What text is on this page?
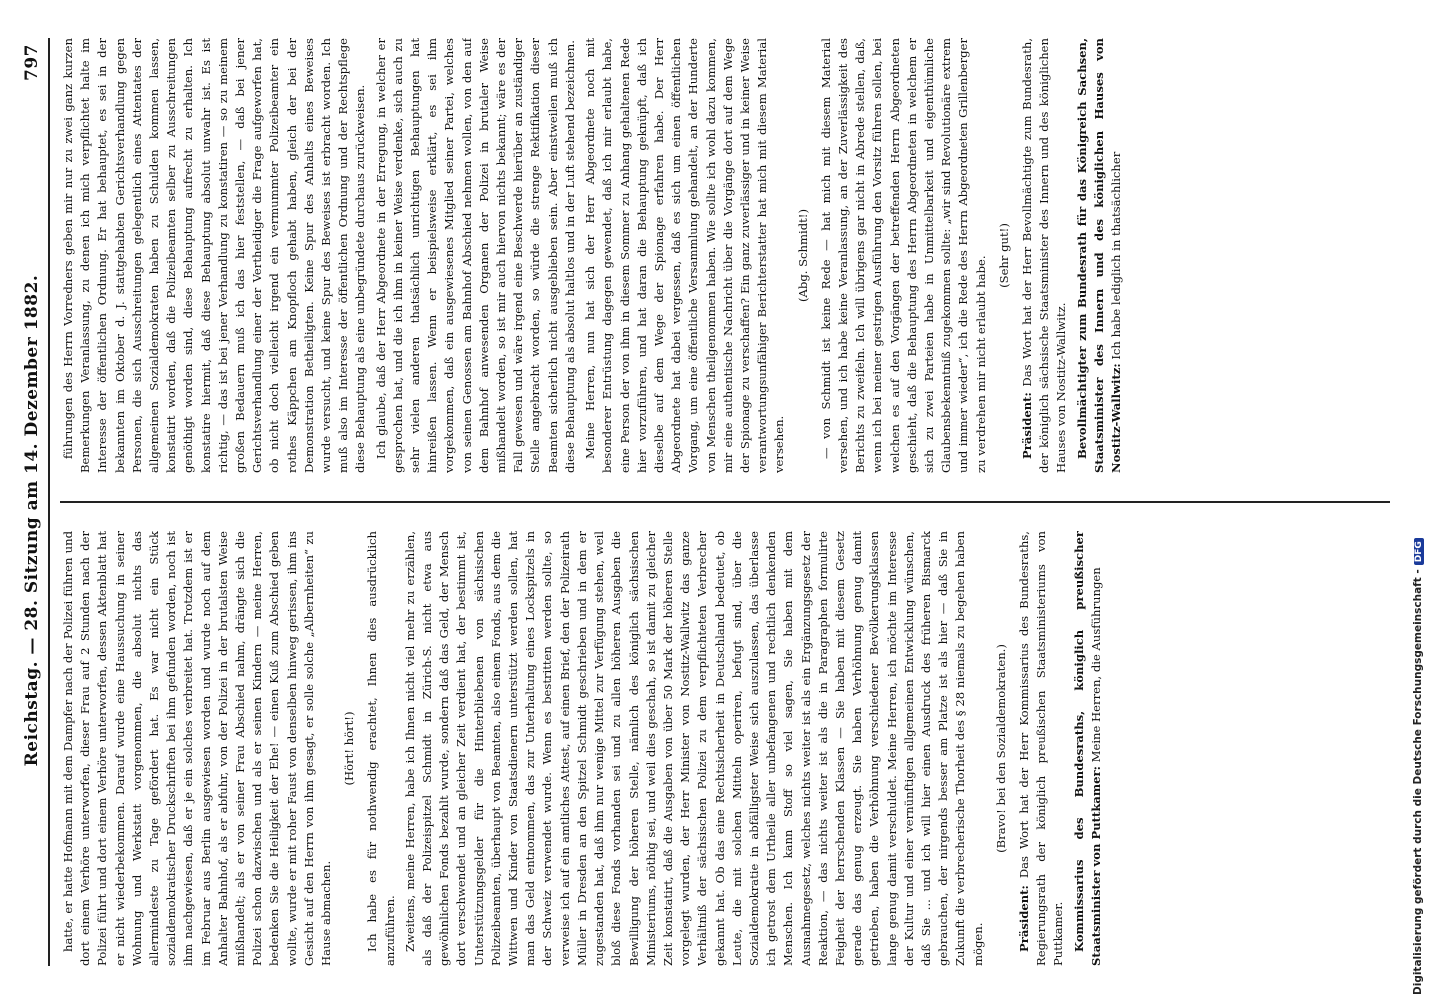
Reichstag. — 28. Sitzung am 14. Dezember 1882.
797

hatte, er hatte Hofmann mit dem Dampfer nach der Polizei führen und dort einem Verhöre unterworfen, dieser Frau auf 2 Stunden nach der Polizei führt und dort einem Verhöre unterworfen, dessen Aktenblatt hat er nicht wiederbekommen. Darauf wurde eine Haussuchung in seiner Wohnung und Werkstatt vorgenommen, die absolut nichts das allermindeste zu Tage gefördert hat. Es war nicht ein Stück sozialdemokratischer Druckschriften bei ihm gefunden worden, noch ist ihm nachgewiesen, daß er je ein solches verbreitet hat. Trotzdem ist er im Februar aus Berlin ausgewiesen worden und wurde noch auf dem Anhalter Bahnhof, als er abfuhr, von der Polizei in der brutalsten Weise mißhandelt; als er von seiner Frau Abschied nahm, drängte sich die Polizei schon dazwischen und als er seinen Kindern — meine Herren, bedenken Sie die Heiligkeit der Ehe! — einen Kuß zum Abschied geben wollte, wurde er mit roher Faust von denselben hinweg gerissen, ihm ins Gesicht auf den Herrn von ihm gesagt, er solle solche „Albernheiten“ zu Hause abmachen.

(Hört! hört!) Ich habe es für nothwendig erachtet, Ihnen dies ausdrücklich anzuführen. Zweitens, meine Herren, habe ich Ihnen nicht viel mehr zu erzählen, als daß der Polizeispitzel Schmidt in Zürich-S. nicht etwa aus gewöhnlichen Fonds bezahlt wurde, sondern daß das Geld, der Mensch dort verschwendet und an gleicher Zeit verdient hat, der bestimmt ist, Unterstützungsgelder für die Hinterbliebenen von sächsischen Polizeibeamten, überhaupt von Beamten, also einem Fonds, aus dem die Wittwen und Kinder von Staatsdienern unterstützt werden sollen, hat man das Geld entnommen, das zur Unterhaltung eines Lockspitzels in der Schweiz verwendet wurde. Wenn es bestritten werden sollte, so verweise ich auf ein amtliches Attest, auf einen Brief, den der Polizeirath Müller in Dresden an den Spitzel Schmidt geschrieben und in dem er zugestanden hat, daß ihm nur wenige Mittel zur Verfügung stehen, weil bloß diese Fonds vorhanden sei und zu allen höheren Ausgaben die Bewilligung der höheren Stelle, nämlich des königlich sächsischen Ministeriums, nöthig sei, und weil dies geschah, so ist damit zu gleicher Zeit konstatirt, daß die Ausgaben von über 50 Mark der höheren Stelle vorgelegt wurden, der Herr Minister von Nostitz-Wallwitz das ganze Verhältniß der sächsischen Polizei zu dem verpflichteten Verbrecher gekannt hat. Ob das eine Rechtsicherheit in Deutschland bedeutet, ob Leute, die mit solchen Mitteln operiren, befugt sind, über die Sozialdemokratie in abfälligster Weise sich auszulassen, das überlasse ich getrost dem Urtheile aller unbefangenen und rechtlich denkenden Menschen. Ich kann Stoff so viel sagen, Sie haben mit dem Ausnahmegesetz, welches nichts weiter ist als ein Ergänzungsgesetz der Reaktion, — das nichts weiter ist als die in Paragraphen formulirte Feigheit der herrschenden Klassen — Sie haben mit diesem Gesetz gerade das genug erzeugt. Sie haben Verhöhnung genug damit getrieben, haben die Verhöhnung verschiedener Bevölkerungsklassen lange genug damit verschuldet. Meine Herren, ich möchte im Interesse der Kultur und einer vernünftigen allgemeinen Entwicklung wünschen, daß Sie ... und ich will hier einen Ausdruck des früheren Bismarck gebrauchen, der nirgends besser am Platze ist als hier — daß Sie in Zukunft die verbrecherische Thorheit des § 28 niemals zu begehen haben mögen.

(Bravo! bei den Sozialdemokraten.)

Präsident: Das Wort hat der Herr Kommissarius des Bundesraths, Regierungsrath der königlich preußischen Staatsministeriums von Puttkamer. Kommissarius des Bundesraths, königlich preußischer Staatsminister von Puttkamer: Meine Herren, die Ausführungen

führungen des Herrn Vorredners geben mir nur zu zwei ganz kurzen Bemerkungen Veranlassung, zu denen ich mich verpflichtet halte im Interesse der öffentlichen Ordnung. Er hat behauptet, es sei in der bekannten im Oktober d. J. stattgehabten Gerichtsverhandlung gegen Personen, die sich Ausschreitungen gelegentlich eines Attentates der allgemeinen Sozialdemokraten haben zu Schulden kommen lassen, konstatirt worden, daß die Polizeibeamten selber zu Ausschreitungen genöthigt worden sind, diese Behauptung aufrecht zu erhalten. Ich konstatire hiermit, daß diese Behauptung absolut unwahr ist. Es ist richtig, — das ist bei jener Verhandlung zu konstatiren — so zu meinem großen Bedauern muß ich das hier feststellen, — daß bei jener Gerichtsverhandlung einer der Vertheidiger die Frage aufgeworfen hat, ob nicht doch vielleicht irgend ein vermummter Polizeibeamter ein rothes Käppchen am Knopfloch gehabt haben, gleich der bei der Demonstration Betheiligten. Keine Spur des Anhalts eines Beweises wurde versucht, und keine Spur des Beweises ist erbracht worden. Ich muß also im Interesse der öffentlichen Ordnung und der Rechtspflege diese Behauptung als eine unbegründete durchaus zurückweisen. Ich glaube, daß der Herr Abgeordnete in der Erregung, in welcher er gesprochen hat, und die ich ihm in keiner Weise verdenke, sich auch zu sehr vielen anderen thatsächlich unrichtigen Behauptungen hat hinreißen lassen. Wenn er beispielsweise erklärt, es sei ihm vorgekommen, daß ein ausgewiesenes Mitglied seiner Partei, welches von seinen Genossen am Bahnhof Abschied nehmen wollen, von den auf dem Bahnhof anwesenden Organen der Polizei in brutaler Weise mißhandelt worden, so ist mir auch hiervon nichts bekannt; wäre es der Fall gewesen und wäre irgend eine Beschwerde hierüber an zuständiger Stelle angebracht worden, so würde die strenge Rektifikation dieser Beamten sicherlich nicht ausgeblieben sein. Aber einstweilen muß ich diese Behauptung als absolut haltlos und in der Luft stehend bezeichnen. Meine Herren, nun hat sich der Herr Abgeordnete noch mit besonderer Entrüstung dagegen gewendet, daß ich mir erlaubt habe, eine Person der von ihm in diesem Sommer zu Anhang gehaltenen Rede hier vorzuführen, und hat daran die Behauptung geknüpft, daß ich dieselbe auf dem Wege der Spionage erfahren habe. Der Herr Abgeordnete hat dabei vergessen, daß es sich um einen öffentlichen Vorgang, um eine öffentliche Versammlung gehandelt, an der Hunderte von Menschen theilgenommen haben. Wie sollte ich wohl dazu kommen, mir eine authentische Nachricht über die Vorgänge dort auf dem Wege der Spionage zu verschaffen? Ein ganz zuverlässiger und in keiner Weise verantwortungsunfähiger Berichterstatter hat mich mit diesem Material versehen.

(Abg. Schmidt!) — von Schmidt ist keine Rede — hat mich mit diesem Material versehen, und ich habe keine Veranlassung, an der Zuverlässigkeit des Berichts zu zweifeln. Ich will übrigens gar nicht in Abrede stellen, daß, wenn ich bei meiner gestrigen Ausführung den Vorsitz führen sollen, bei welchen es auf den Vorgängen der betreffenden Herrn Abgeordneten geschieht, daß die Behauptung des Herrn Abgeordneten in welchem er sich zu zwei Parteien habe in Unmittelbarkeit und eigenthümliche Glaubensbekenntniß zugekommen sollte: „wir sind Revolutionäre extrem und immer wieder“, ich die Rede des Herrn Abgeordneten Grillenberger zu verdrehen mir nicht erlaubt habe. (Sehr gut!)

Präsident: Das Wort hat der Herr Bevollmächtigte zum Bundesrath, der königlich sächsische Staatsminister des Innern und des königlichen Hauses von Nostitz-Wallwitz. Bevollmächtigter zum Bundesrath für das Königreich Sachsen, Staatsminister des Innern und des königlichen Hauses von Nostitz-Wallwitz: Ich habe lediglich in thatsächlicher

Digitalisierung gefördert durch die Deutsche Forschungsgemeinschaft -DFG
